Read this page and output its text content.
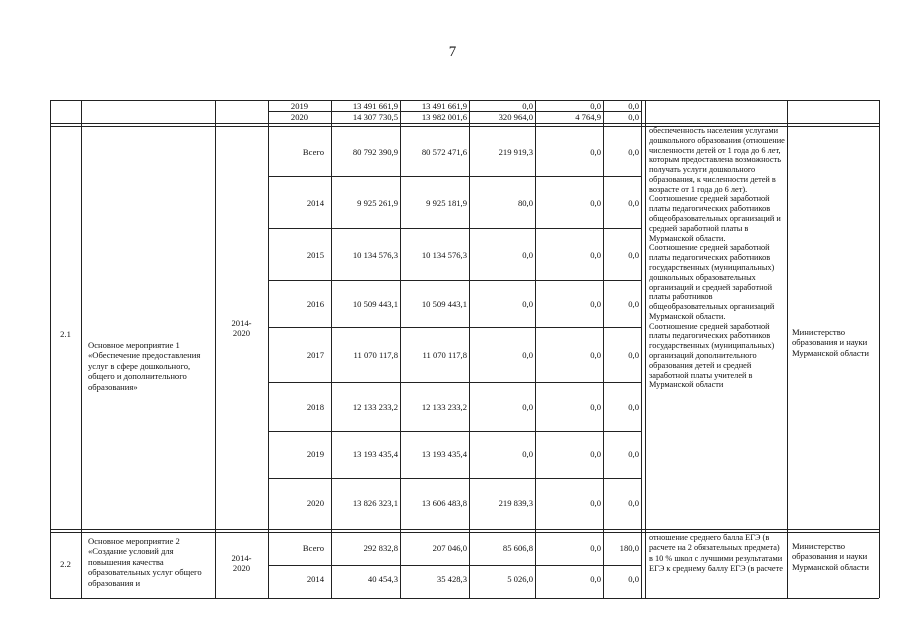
7
2019	13 491 661,9	13 491 661,9	0,0	0,0	0,0
2020	14 307 730,5	13 982 001,6	320 964,0	4 764,9	0,0
2.1
Основное мероприятие 1 «Обеспечение предоставления услуг в сфере дошкольного, общего и дополнительного образования»
2014-
2020
Всего	80 792 390,9	80 572 471,6	219 919,3	0,0	0,0
2014	9 925 261,9	9 925 181,9	80,0	0,0	0,0
2015	10 134 576,3	10 134 576,3	0,0	0,0	0,0
2016	10 509 443,1	10 509 443,1	0,0	0,0	0,0
2017	11 070 117,8	11 070 117,8	0,0	0,0	0,0
2018	12 133 233,2	12 133 233,2	0,0	0,0	0,0
2019	13 193 435,4	13 193 435,4	0,0	0,0	0,0
2020	13 826 323,1	13 606 483,8	219 839,3	0,0	0,0
обеспеченность населения услугами дошкольного образования (отношение численности детей от 1 года до 6 лет, которым предоставлена возможность получать услуги дошкольного образования, к численности детей в возрасте от 1 года до 6 лет).
Соотношение средней заработной платы педагогических работников общеобразовательных организаций и средней заработной платы в Мурманской области.
Соотношение средней заработной платы педагогических работников государственных (муниципальных) дошкольных образовательных организаций и средней заработной платы работников общеобразовательных организаций Мурманской области.
Соотношение средней заработной платы педагогических работников государственных (муниципальных) организаций дополнительного образования детей и средней заработной платы учителей в Мурманской области
Министерство образования и науки Мурманской области
2.2
Основное мероприятие 2 «Создание условий для повышения качества образовательных услуг общего образования и
2014-
2020
Всего	292 832,8	207 046,0	85 606,8	0,0	180,0
2014	40 454,3	35 428,3	5 026,0	0,0	0,0
отношение среднего балла ЕГЭ (в расчете на 2 обязательных предмета) в 10 % школ с лучшими результатами ЕГЭ к среднему баллу ЕГЭ (в расчете
Министерство образования и науки Мурманской области
